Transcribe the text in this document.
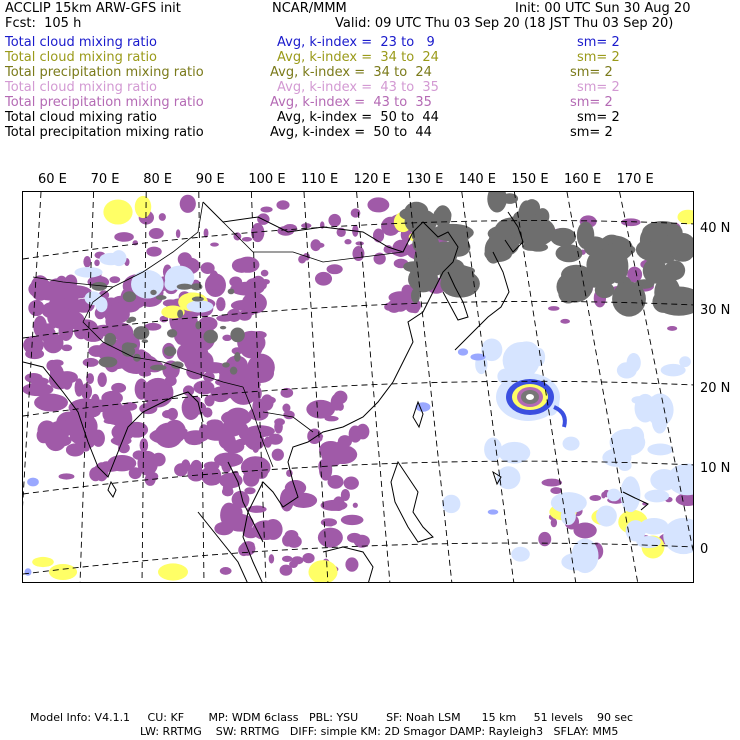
ACCLIP 15km ARW-GFS init	NCAR/MMM	Init: 00 UTC Sun 30 Aug 20
Fcst:  105 h	Valid: 09 UTC Thu 03 Sep 20 (18 JST Thu 03 Sep 20)
Total cloud mixing ratio	Avg, k-index =  23 to   9	sm= 2
Total cloud mixing ratio	Avg, k-index =  34 to  24	sm= 2
Total precipitation mixing ratio	Avg, k-index =  34 to  24	sm= 2
Total cloud mixing ratio	Avg, k-index =  43 to  35	sm= 2
Total precipitation mixing ratio	Avg, k-index =  43 to  35	sm= 2
Total cloud mixing ratio	Avg, k-index =  50 to  44	sm= 2
Total precipitation mixing ratio	Avg, k-index =  50 to  44	sm= 2
60 E 70 E 80 E 90 E 100 E 110 E 120 E 130 E 140 E 150 E 160 E 170 E
40 N
30 N
20 N
10 N
0
Model Info: V4.1.1     CU: KF       MP: WDM 6class   PBL: YSU        SF: Noah LSM      15 km     51 levels    90 sec
LW: RRTMG    SW: RRTMG   DIFF: simple KM: 2D Smagor DAMP: Rayleigh3   SFLAY: MM5
